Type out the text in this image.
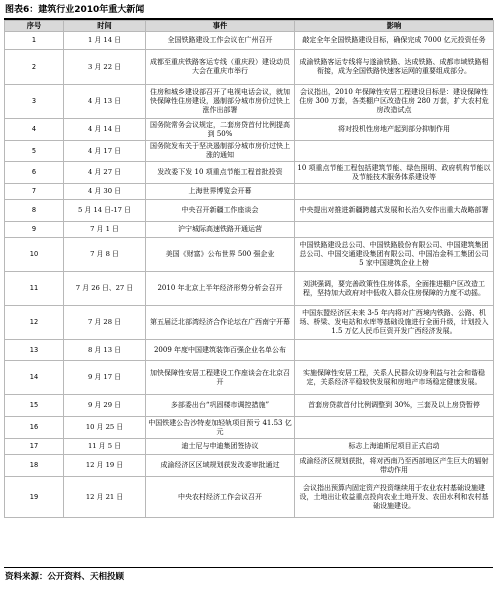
图表6：建筑行业2010年重大新闻
序号	时间	事件	影响
1	1 月 14 日	全国铁路建设工作会议在广州召开	敲定全年全国铁路建设目标，确保完成 7000 亿元投资任务
2	3 月 22 日	成都至重庆铁路客运专线（重庆段）建设动员大会在重庆市举行	成渝铁路客运专线将与遂渝铁路、达成铁路、成都市域铁路相衔接，成为全国铁路快速客运网的重要组成部分。
3	4 月 13 日	住房和城乡建设部召开了电视电话会议，就加快保障性住房建设，遏制部分城市房价过快上涨作出部署	会议指出，2010 年保障性安居工程建设目标是：建设保障性住房 300 万套，各类棚户区改造住房 280 万套，扩大农村危房改造试点
4	4 月 14 日	国务院常务会议规定，二套房贷首付比例提高到 50%	将对投机性房地产起到部分抑制作用
5	4 月 17 日	国务院发布关于坚决遏制部分城市房价过快上涨的通知	
6	4 月 27 日	发改委下发 10 项重点节能工程首批投资	10 项重点节能工程包括建筑节能、绿色照明、政府机构节能以及节能技术服务体系建设等
7	4 月 30 日	上海世界博览会开幕	
8	5 月 14 日-17 日	中央召开新疆工作座谈会	中央提出对推进新疆跨越式发展和长治久安作出重大战略部署
9	7 月 1 日	沪宁城际高速铁路开通运营	
10	7 月 8 日	美国《财富》公布世界 500 强企业	中国铁路建设总公司、中国铁路股份有限公司、中国建筑集团总公司、中国交通建设集团有限公司、中国冶金科工集团公司 5 家中国建筑企业上榜
11	7 月 26 日、27 日	2010 年北京上半年经济形势分析会召开	刘淇强调，要完善政策性住房体系，全面推进棚户区改造工程，坚持加大政府对中低收入群众住房保障的力度不动摇。
12	7 月 28 日	第五届泛北部湾经济合作论坛在广西南宁开幕	中国东盟经济区未来 3-5 年内将对广西境内铁路、公路、机场、桥梁、发电站和水库等基础设施进行全面升级，计划投入 1.5 万亿人民币巨资开发广西经济发展。
13	8 月 13 日	2009 年度中国建筑装饰百强企业名单公布	
14	9 月 17 日	加快保障性安居工程建设工作座谈会在北京召开	实施保障性安居工程，关系人民群众切身利益与社会和谐稳定，关系经济平稳较快发展和房地产市场稳定健康发展。
15	9 月 29 日	多部委出台“巩固楼市调控措施”	首套房贷款首付比例调整到 30%，三套及以上房贷暂停
16	10 月 25 日	中国铁建公告沙特麦加轻轨项目预亏 41.53 亿元	
17	11 月 5 日	迪士尼与申迪集团签协议	标志上海迪斯尼项目正式启动
18	12 月 19 日	成渝经济区区域规划获发改委审批通过	成渝经济区规划获批，将对西南乃至西部地区产生巨大的辐射带动作用
19	12 月 21 日	中央农村经济工作会议召开	会议指出预算内固定资产投资继续用于农业农村基础设施建设，土地出让收益重点投向农业土地开发、农田水利和农村基础设施建设。
资料来源：公开资料、天相投顾
